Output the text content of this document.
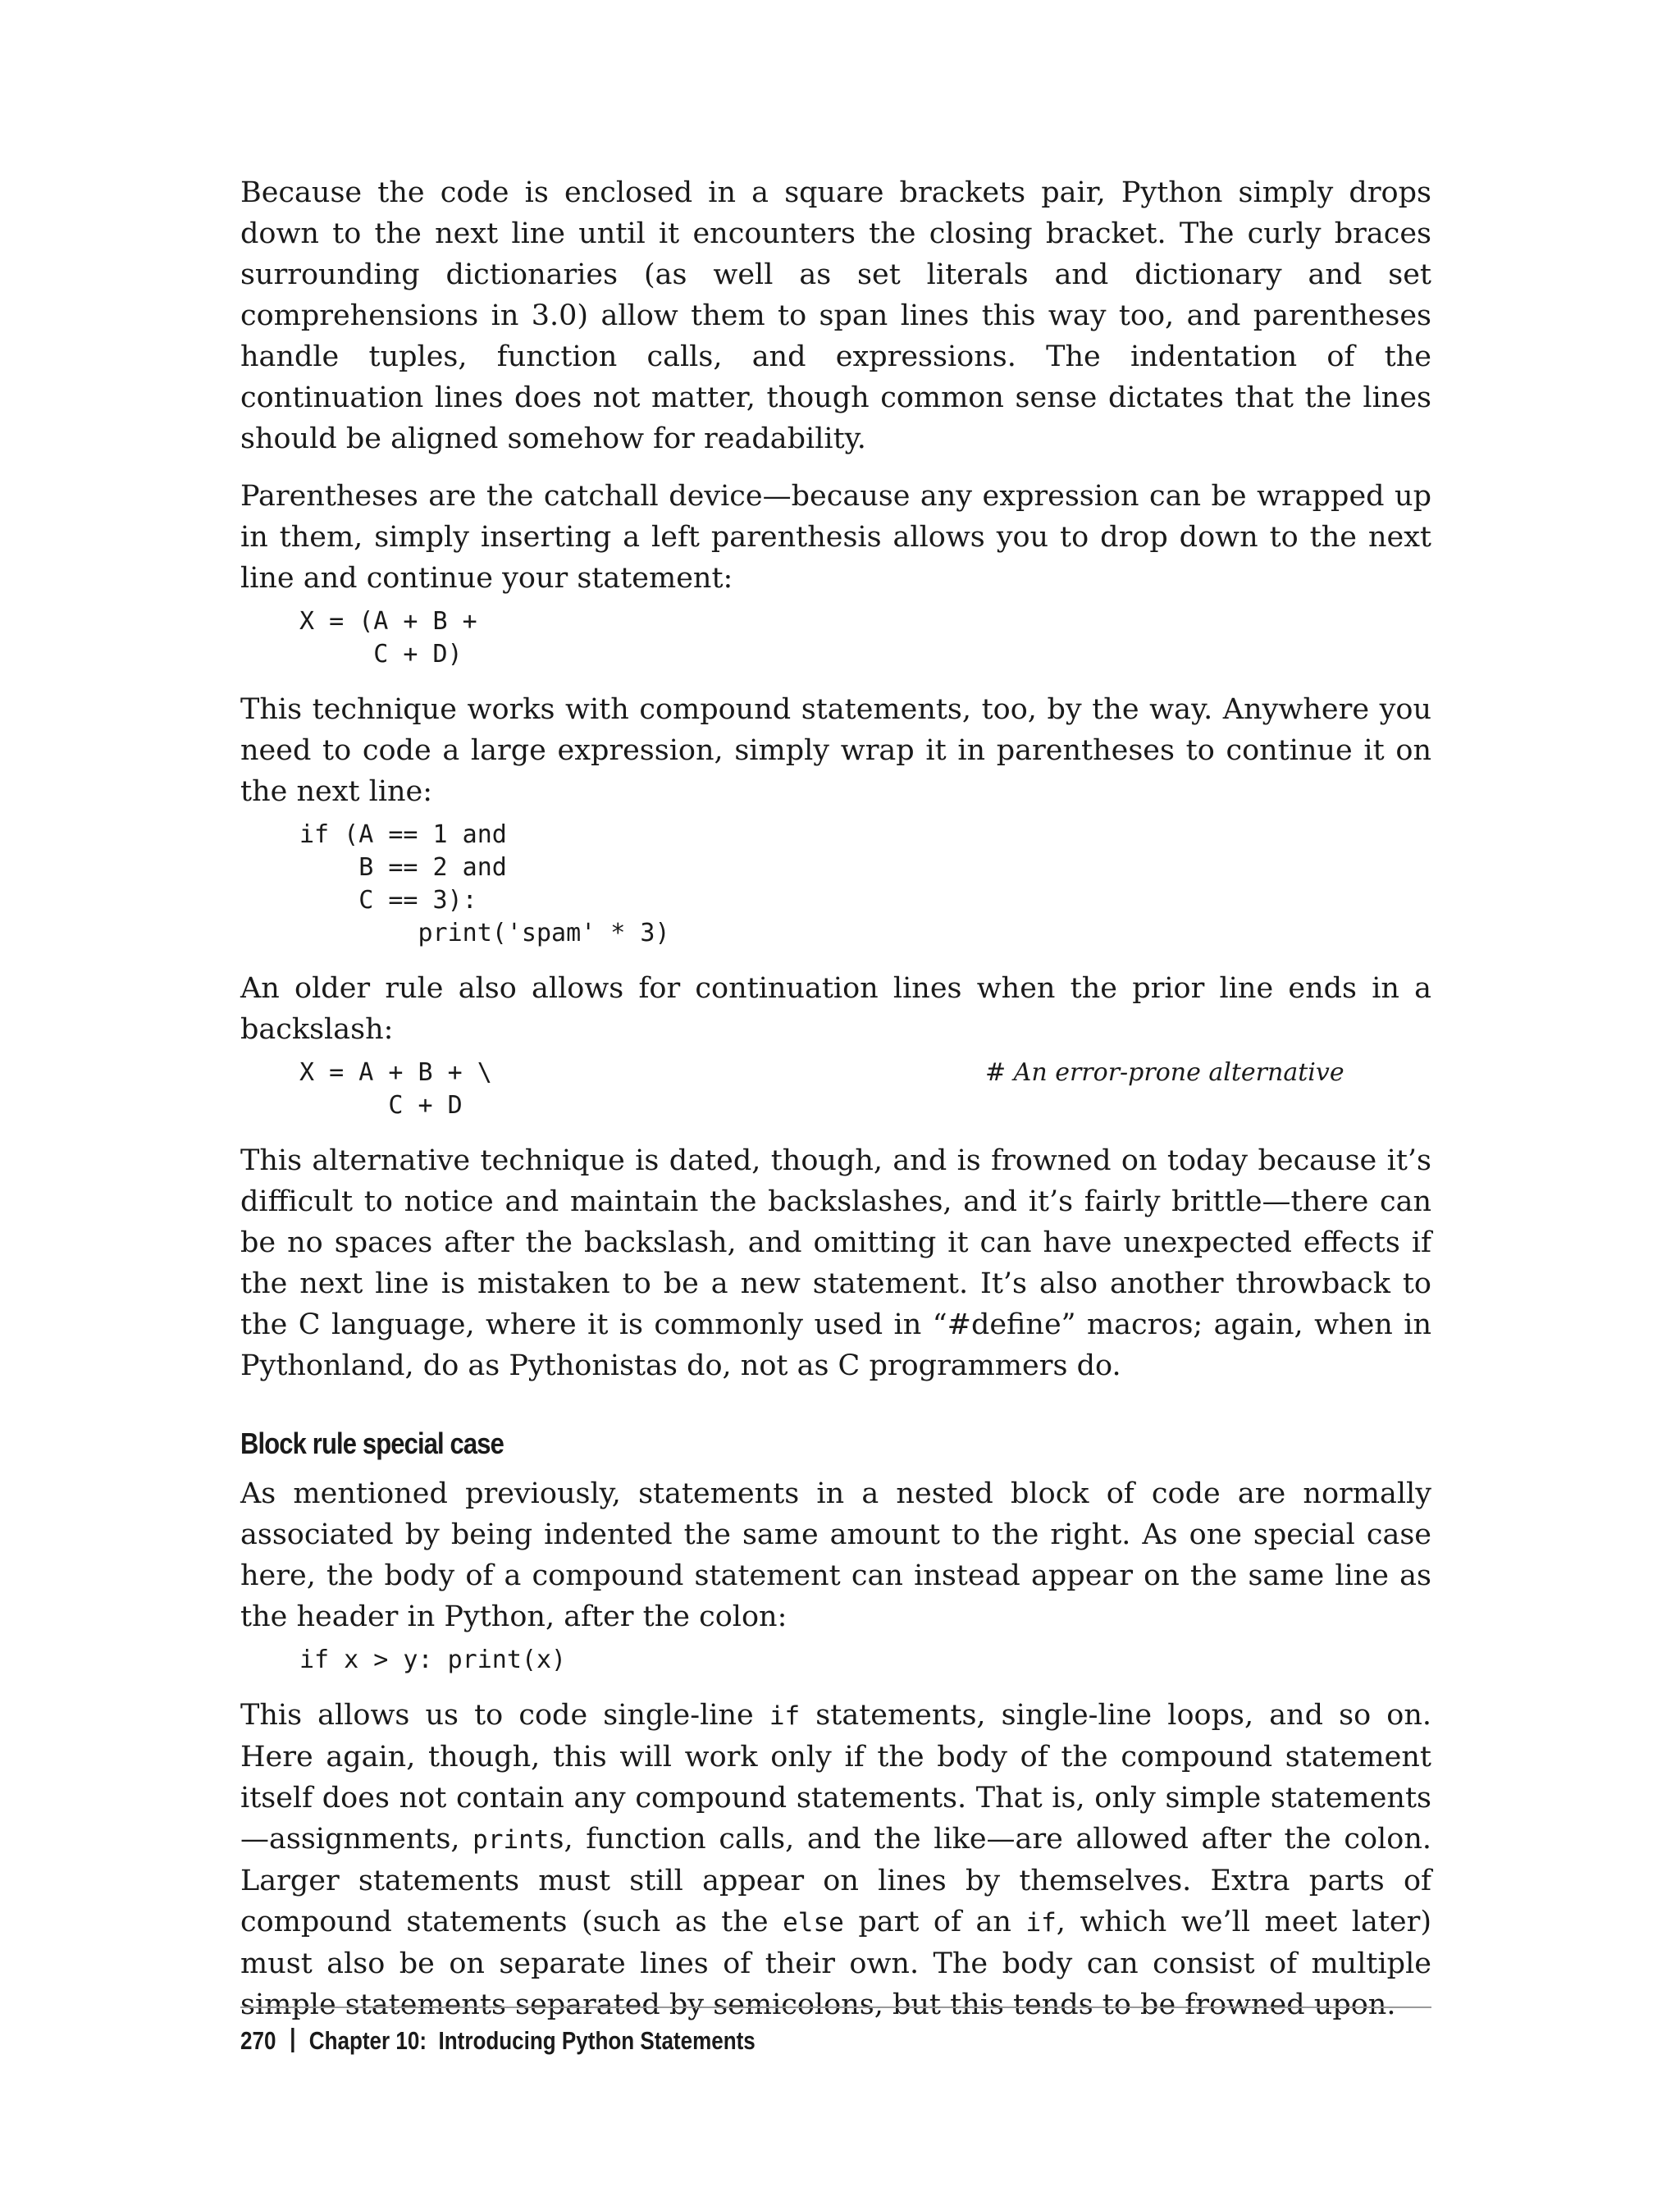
Because the code is enclosed in a square brackets pair, Python simply drops down to the next line until it encounters the closing bracket. The curly braces surrounding dictionaries (as well as set literals and dictionary and set comprehensions in 3.0) allow them to span lines this way too, and parentheses handle tuples, function calls, and expressions. The indentation of the continuation lines does not matter, though common sense dictates that the lines should be aligned somehow for readability.

Parentheses are the catchall device—because any expression can be wrapped up in them, simply inserting a left parenthesis allows you to drop down to the next line and continue your statement:

X = (A + B +
C + D)

This technique works with compound statements, too, by the way. Anywhere you need to code a large expression, simply wrap it in parentheses to continue it on the next line:

if (A == 1 and
B == 2 and
C == 3):
print('spam' * 3)

An older rule also allows for continuation lines when the prior line ends in a backslash:

X = A + B + \	# An error-prone alternative
C + D

This alternative technique is dated, though, and is frowned on today because it’s difficult to notice and maintain the backslashes, and it’s fairly brittle—there can be no spaces after the backslash, and omitting it can have unexpected effects if the next line is mistaken to be a new statement. It’s also another throwback to the C language, where it is commonly used in “#define” macros; again, when in Pythonland, do as Pythonistas do, not as C programmers do.

Block rule special case

As mentioned previously, statements in a nested block of code are normally associated by being indented the same amount to the right. As one special case here, the body of a compound statement can instead appear on the same line as the header in Python, after the colon:

if x > y: print(x)

This allows us to code single-line if statements, single-line loops, and so on. Here again, though, this will work only if the body of the compound statement itself does not contain any compound statements. That is, only simple statements—assignments, prints, function calls, and the like—are allowed after the colon. Larger statements must still appear on lines by themselves. Extra parts of compound statements (such as the else part of an if, which we’ll meet later) must also be on separate lines of their own. The body can consist of multiple simple statements separated by semicolons, but this tends to be frowned upon.

270 Chapter 10:  Introducing Python Statements
